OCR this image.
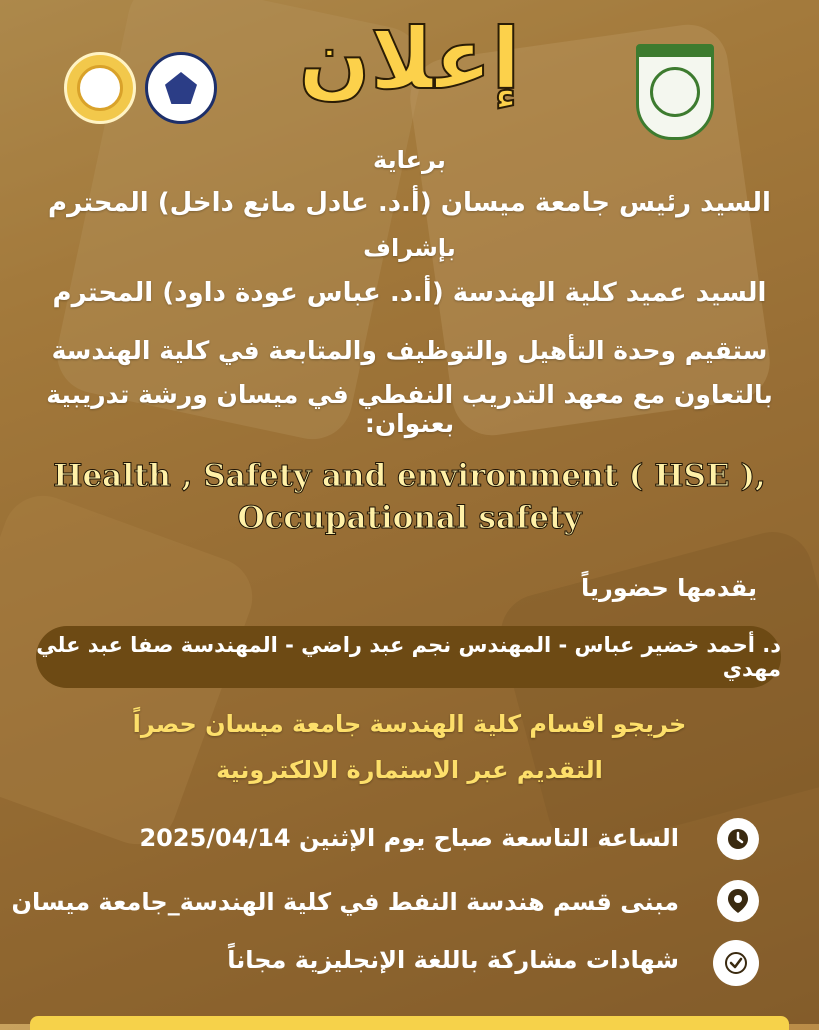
إعلان
برعاية
السيد رئيس جامعة ميسان (أ.د. عادل مانع داخل) المحترم
بإشراف
السيد عميد كلية الهندسة (أ.د. عباس عودة داود) المحترم
ستقيم وحدة التأهيل والتوظيف والمتابعة في كلية الهندسة
بالتعاون مع معهد التدريب النفطي في ميسان ورشة تدريبية بعنوان:
Health , Safety and environment ( HSE ),
Occupational safety
يقدمها حضورياً
د. أحمد خضير عباس - المهندس نجم عبد راضي - المهندسة صفا عبد علي مهدي
خريجو اقسام كلية الهندسة جامعة ميسان حصراً
التقديم عبر الاستمارة الالكترونية
الساعة التاسعة صباح يوم الإثنين 2025/04/14
مبنى قسم هندسة النفط في كلية الهندسة_جامعة ميسان
شهادات مشاركة باللغة الإنجليزية مجاناً
